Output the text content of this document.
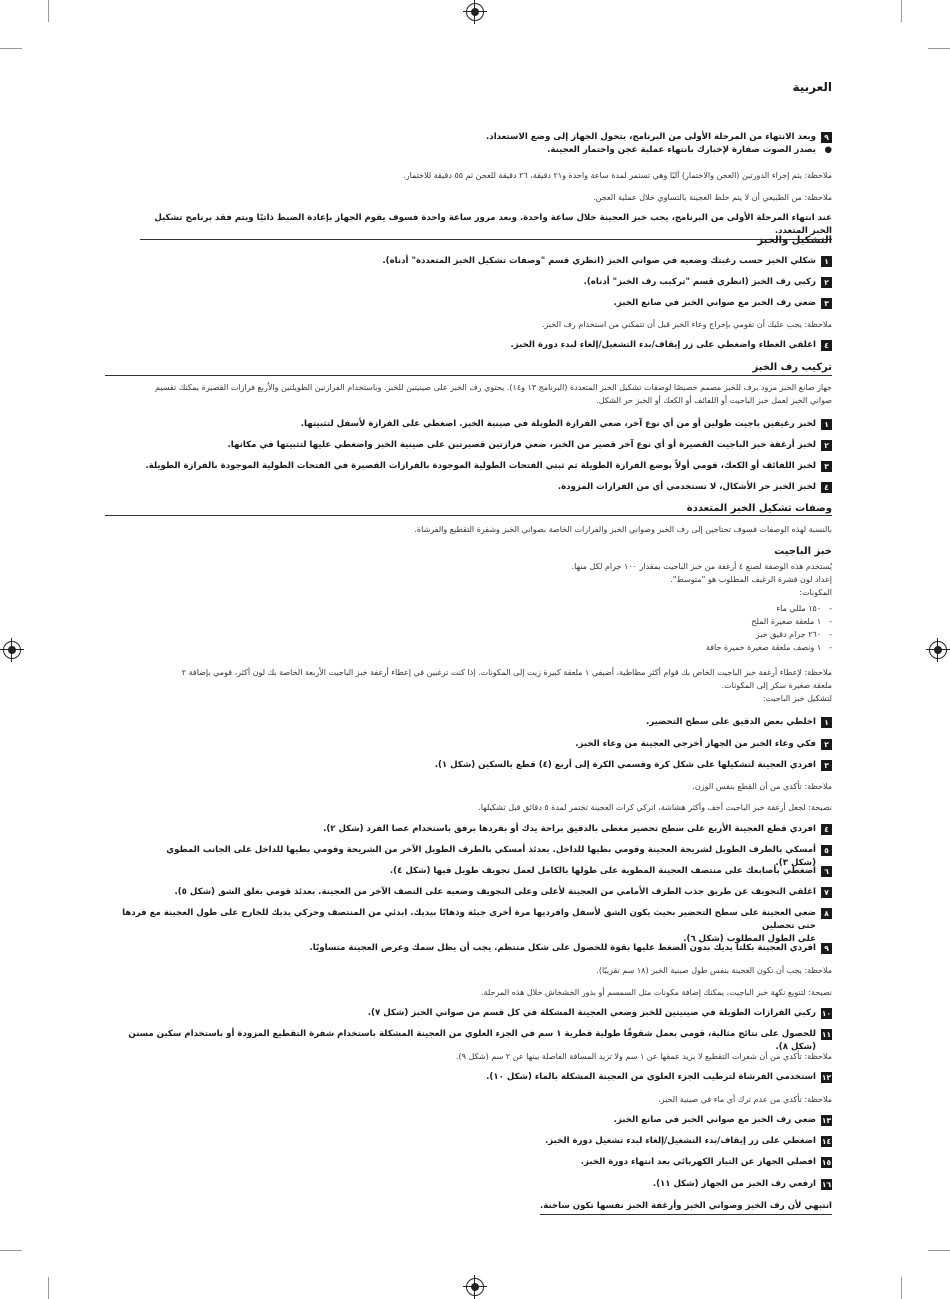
العربية
٩
وبعد الانتهاء من المرحلة الأولى من البرنامج، يتحول الجهاز إلى وضع الاستعداد.
●
يصدر الصوت صفارة لإخبارك بانتهاء عملية عجن واختمار العجينة.
ملاحظة: يتم إجراء الدورتين (العجن والاختمار) آليًا وهي تستمر لمدة ساعة واحدة و٢١ دقيقة، ٢٦ دقيقة للعجن ثم ٥٥ دقيقة للاختمار.
ملاحظة: من الطبيعي أن لا يتم خلط العجينة بالتساوي خلال عملية العجن.
عند انتهاء المرحلة الأولى من البرنامج، يجب خبز العجينة خلال ساعة واحدة. وبعد مرور ساعة واحدة فسوف يقوم الجهاز بإعادة الضبط ذاتيًا ويتم فقد برنامج تشكيل الخبز المتعدد.
التشكيل والخبز
١
شكلي الخبز حسب رغبتك وضعيه في صواني الخبز (انظري قسم "وصفات تشكيل الخبز المتعددة" أدناه).
٢
ركبي رف الخبز (انظري قسم "تركيب رف الخبز" أدناه).
٣
ضعي رف الخبز مع صواني الخبز في صانع الخبز.
ملاحظة: يجب عليك أن تقومي بإخراج وعاء الخبز قبل أن تتمكني من استخدام رف الخبز.
٤
اغلقي الغطاء واضغطي على زر إيقاف/بدء التشغيل/إلغاء لبدء دورة الخبز.
تركيب رف الخبز
جهاز صانع الخبز مزود برف للخبز مصمم خصيصًا لوصفات تشكيل الخبز المتعددة (البرنامج ١٣ و١٤). يحتوي رف الخبز على صينيتين للخبز. وباستخدام الفرازتين الطويلتين والأربع فرازات القصيرة يمكنك تقسيم
صواني الخبز لعمل خبز الباجيت أو اللفائف أو الكعك أو الخبز حر الشكل.
١
لخبز رغيفين باجيت طولين أو من أي نوع آخر، ضعي الفرازة الطويلة في صينية الخبز. اضغطي على الفرازة لأسفل لتثبيتها.
٢
لخبز أرغفة خبز الباجيت القصيرة أو أي نوع آخر قصير من الخبز، ضعي فرازتين قصيرتين على صينية الخبز واضغطي عليها لتثبيتها في مكانها.
٣
لخبز اللفائف أو الكعك، قومي أولاً بوضع الفرازة الطويلة ثم ثبتي الفتحات الطولية الموجودة بالفرازات القصيرة في الفتحات الطولية الموجودة بالفرازة الطويلة.
٤
لخبز الخبز حر الأشكال، لا تستخدمي أي من الفرازات المزودة.
وصفات تشكيل الخبز المتعددة
بالنسبة لهذه الوصفات فسوف تحتاجين إلى رف الخبز وصواني الخبز والفرازات الخاصة بصواني الخبز وشفرة التقطيع والفرشاة.
خبز الباجيت
يُستخدم هذه الوصفة لصنع ٤ أرغفة من خبز الباجيت بمقدار ١٠٠ جرام لكل منها.
إعداد لون قشرة الرغيف المطلوب هو "متوسط".
المكونات:
-
١٥٠ مللي ماء
-
١ ملعقة صغيرة الملح
-
٢٦٠ جرام دقيق خبز
-
١ ونصف ملعقة صغيرة خميرة جافة
ملاحظة: لإعطاء أرغفة خبز الباجيت الخاص بك قوام أكثر مطاطية، أضيفي ١ ملعقة كبيرة زيت إلى المكونات. إذا كنت ترغبين في إعطاء أرغفة خبز الباجيت الأربعة الخاصة بك لون أكثر، قومي بإضافة ٢
ملعقة صغيرة سكر إلى المكونات.
لتشكيل خبز الباجيت:
١
اخلطي بعض الدقيق على سطح التحضير.
٢
فكي وعاء الخبز من الجهاز أخرجي العجينة من وعاء الخبز.
٣
افردي العجينة لتشكيلها على شكل كرة وقسمي الكرة إلى أربع (٤) قطع بالسكين (شكل ١).
ملاحظة: تأكدي من أن القطع بنفس الوزن.
نصيحة: لجعل أرغفة خبز الباجيت أخف وأكثر هشاشة، اتركي كرات العجينة تختمر لمدة ٥ دقائق قبل تشكيلها.
٤
افردي قطع العجينة الأربع على سطح تحضير مغطى بالدقيق براحة يدك أو بفردها برفق باستخدام عصا الفرد (شكل ٢).
٥
أمسكي بالطرف الطويل لشريحة العجينة وقومي بطيها للداخل. بعدئذ أمسكي بالطرف الطويل الآخر من الشريحة وقومي بطيها للداخل على الجانب المطوي (شكل ٣).
٦
اضغطي بأصابعك على منتصف العجينة المطوية على طولها بالكامل لعمل تجويف طويل فيها (شكل ٤).
٧
اغلقي التجويف عن طريق جذب الطرف الأمامي من العجينة لأعلى وعلى التجويف وضعيه على النصف الآخر من العجينة. بعدئذ قومي بغلق الشق (شكل ٥).
٨
ضعي العجينة على سطح التحضير بحيث يكون الشق لأسفل وافرديها مرة أخرى جيئة وذهابًا بيديك. ابدئي من المنتصف وحركي يديك للخارج على طول العجينة مع فردها حتى تحصلين
على الطول المطلوب (شكل ٦).
٩
افردي العجينة بكلتا يديك بدون الضغط عليها بقوة للحصول على شكل منتظم. يجب أن يظل سمك وعرض العجينة متساويًا.
ملاحظة: يجب أن تكون العجينة بنفس طول صينية الخبز (١٨ سم تقريبًا).
نصيحة: لتنويع نكهة خبز الباجيت، يمكنك إضافة مكونات مثل السمسم أو بذور الخشخاش خلال هذه المرحلة.
١٠
ركبي الفرازات الطويلة في صينيتين للخبز وضعي العجينة المشكلة في كل قسم من صواني الخبز (شكل ٧).
١١
للحصول على نتائج مثالية، قومي بعمل شقوقًا طولية قطرية ١ سم في الجزء العلوي من العجينة المشكلة باستخدام شفرة التقطيع المزودة أو باستخدام سكين مسنن (شكل ٨).
ملاحظة: تأكدي من أن شفرات التقطيع لا يزيد عمقها عن ١ سم ولا تزيد المسافة الفاصلة بينها عن ٢ سم (شكل ٩).
١٢
استخدمي الفرشاة لترطيب الجزء العلوي من العجينة المشكلة بالماء (شكل ١٠).
ملاحظة: تأكدي من عدم ترك أي ماء في صينية الخبز.
١٣
ضعي رف الخبز مع صواني الخبز في صانع الخبز.
١٤
اضغطي على زر إيقاف/بدء التشغيل/إلغاء لبدء تشغيل دورة الخبز.
١٥
افصلي الجهاز عن التيار الكهربائي بعد انتهاء دورة الخبز.
١٦
ارفعي رف الخبز من الجهاز (شكل ١١).
انتبهي لأن رف الخبز وصواني الخبز وأرغفة الخبز نفسها تكون ساخنة.
